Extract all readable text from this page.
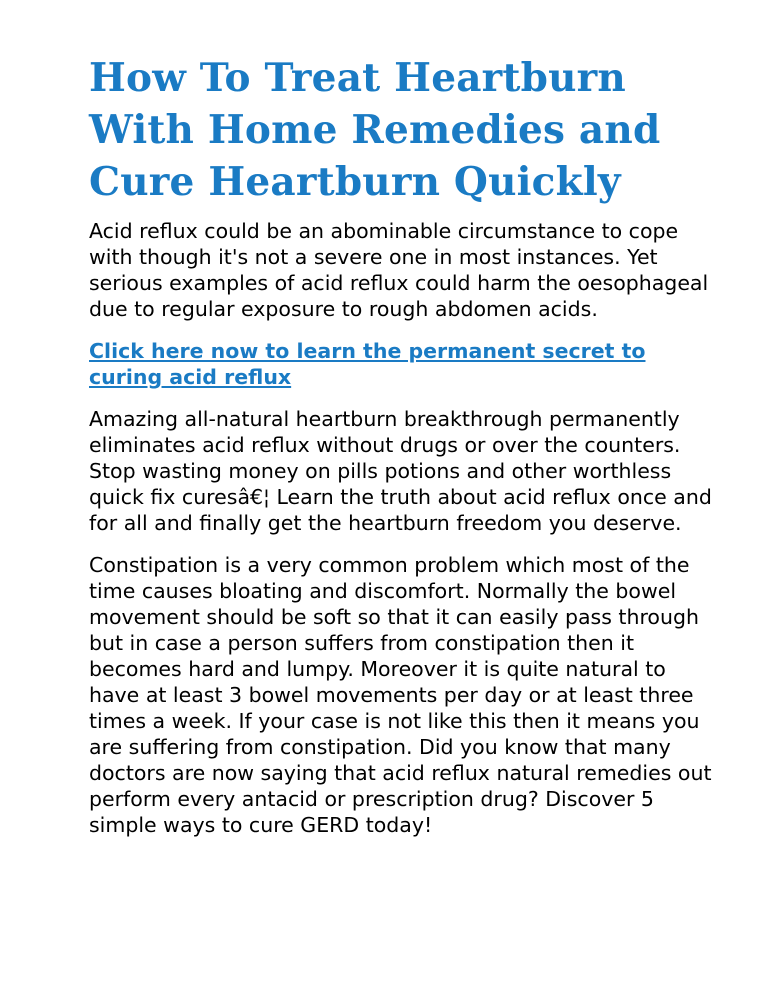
How To Treat Heartburn With Home Remedies and Cure Heartburn Quickly

Acid reflux could be an abominable circumstance to cope with though it's not a severe one in most instances. Yet serious examples of acid reflux could harm the oesophageal due to regular exposure to rough abdomen acids.

Click here now to learn the permanent secret to curing acid reflux

Amazing all-natural heartburn breakthrough permanently eliminates acid reflux without drugs or over the counters. Stop wasting money on pills potions and other worthless quick fix curesâ€¦ Learn the truth about acid reflux once and for all and finally get the heartburn freedom you deserve.

Constipation is a very common problem which most of the time causes bloating and discomfort. Normally the bowel movement should be soft so that it can easily pass through but in case a person suffers from constipation then it becomes hard and lumpy. Moreover it is quite natural to have at least 3 bowel movements per day or at least three times a week. If your case is not like this then it means you are suffering from constipation. Did you know that many doctors are now saying that acid reflux natural remedies out perform every antacid or prescription drug? Discover 5 simple ways to cure GERD today!
